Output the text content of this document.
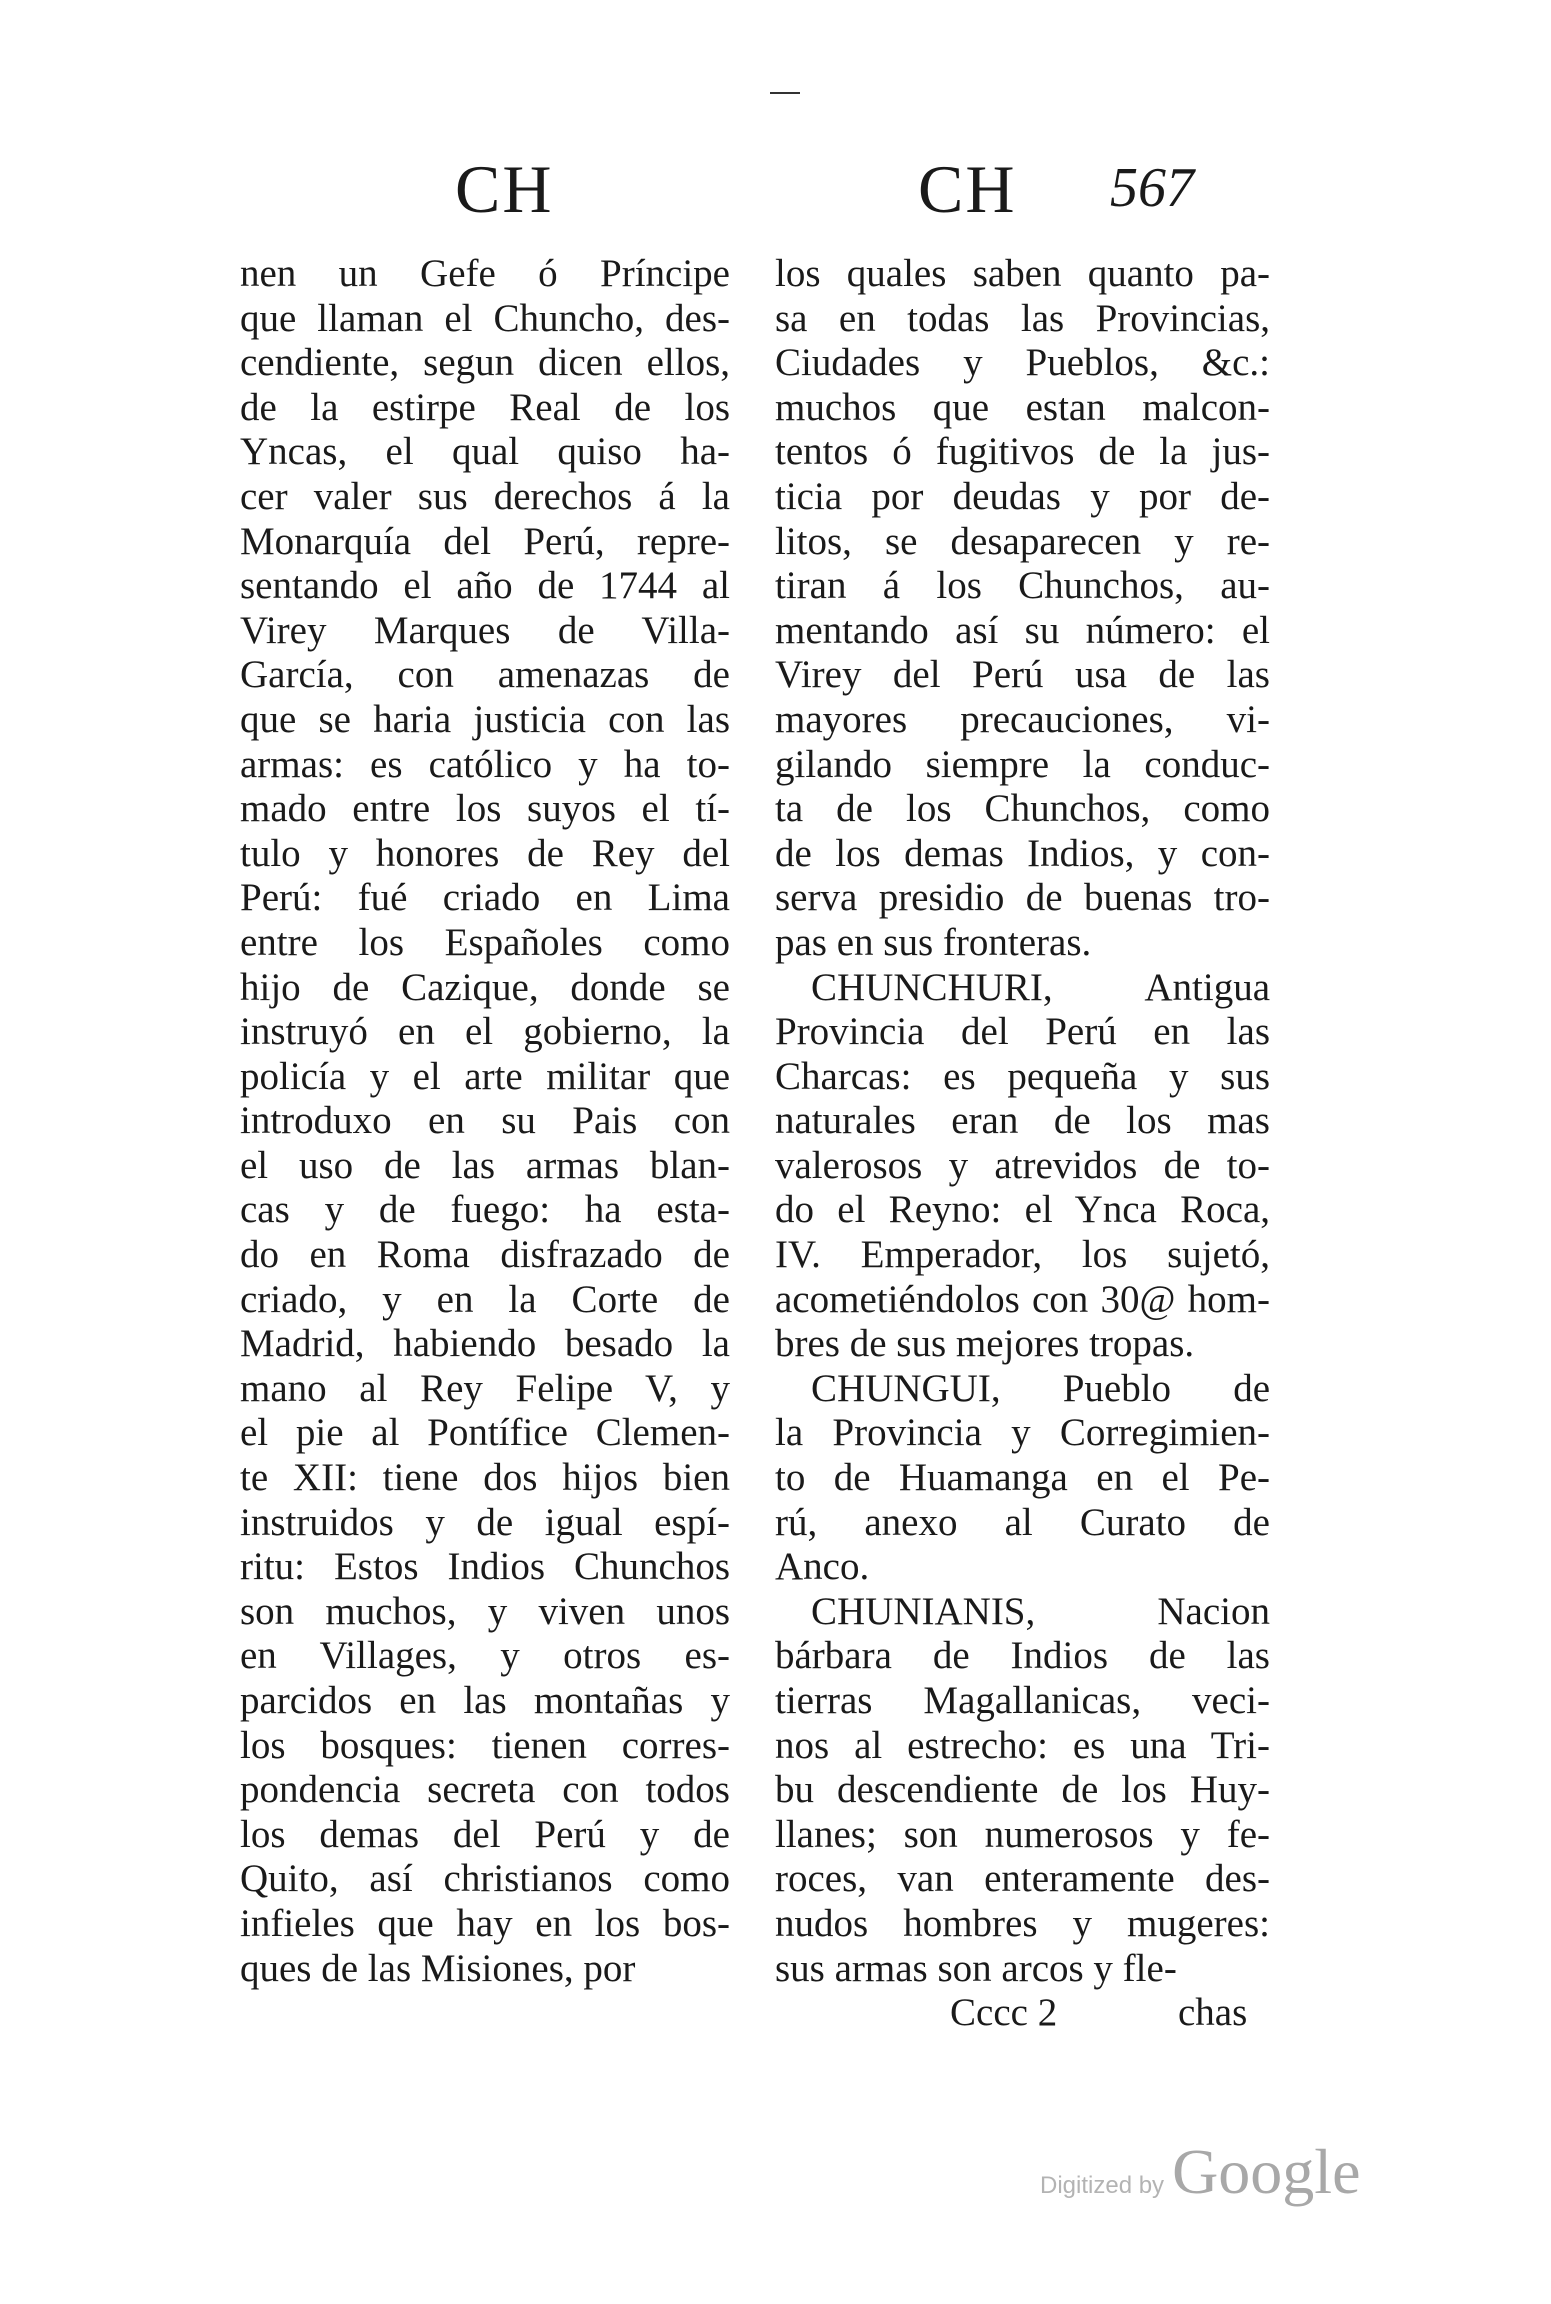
CH	CH 567
nen un Gefe ó Príncipe
que llaman el Chuncho, des-
cendiente, segun dicen ellos,
de la estirpe Real de los
Yncas, el qual quiso ha-
cer valer sus derechos á la
Monarquía del Perú, repre-
sentando el año de 1744 al
Virey Marques de Villa-
García, con amenazas de
que se haria justicia con las
armas: es católico y ha to-
mado entre los suyos el tí-
tulo y honores de Rey del
Perú: fué criado en Lima
entre los Españoles como
hijo de Cazique, donde se
instruyó en el gobierno, la
policía y el arte militar que
introduxo en su Pais con
el uso de las armas blan-
cas y de fuego: ha esta-
do en Roma disfrazado de
criado, y en la Corte de
Madrid, habiendo besado la
mano al Rey Felipe V, y
el pie al Pontífice Clemen-
te XII: tiene dos hijos bien
instruidos y de igual espí-
ritu: Estos Indios Chunchos
son muchos, y viven unos
en Villages, y otros es-
parcidos en las montañas y
los bosques: tienen corres-
pondencia secreta con todos
los demas del Perú y de
Quito, así christianos como
infieles que hay en los bos-
ques de las Misiones, por
los quales saben quanto pa-
sa en todas las Provincias,
Ciudades y Pueblos, &c.:
muchos que estan malcon-
tentos ó fugitivos de la jus-
ticia por deudas y por de-
litos, se desaparecen y re-
tiran á los Chunchos, au-
mentando así su número: el
Virey del Perú usa de las
mayores precauciones, vi-
gilando siempre la conduc-
ta de los Chunchos, como
de los demas Indios, y con-
serva presidio de buenas tro-
pas en sus fronteras.
CHUNCHURI, Antigua
Provincia del Perú en las
Charcas: es pequeña y sus
naturales eran de los mas
valerosos y atrevidos de to-
do el Reyno: el Ynca Roca,
IV. Emperador, los sujetó,
acometiéndolos con 30@ hom-
bres de sus mejores tropas.
CHUNGUI, Pueblo de
la Provincia y Corregimien-
to de Huamanga en el Pe-
rú, anexo al Curato de
Anco.
CHUNIANIS, Nacion
bárbara de Indios de las
tierras Magallanicas, veci-
nos al estrecho: es una Tri-
bu descendiente de los Huy-
llanes; son numerosos y fe-
roces, van enteramente des-
nudos hombres y mugeres:
sus armas son arcos y fle-
Cccc 2	chas
Digitized by Google
